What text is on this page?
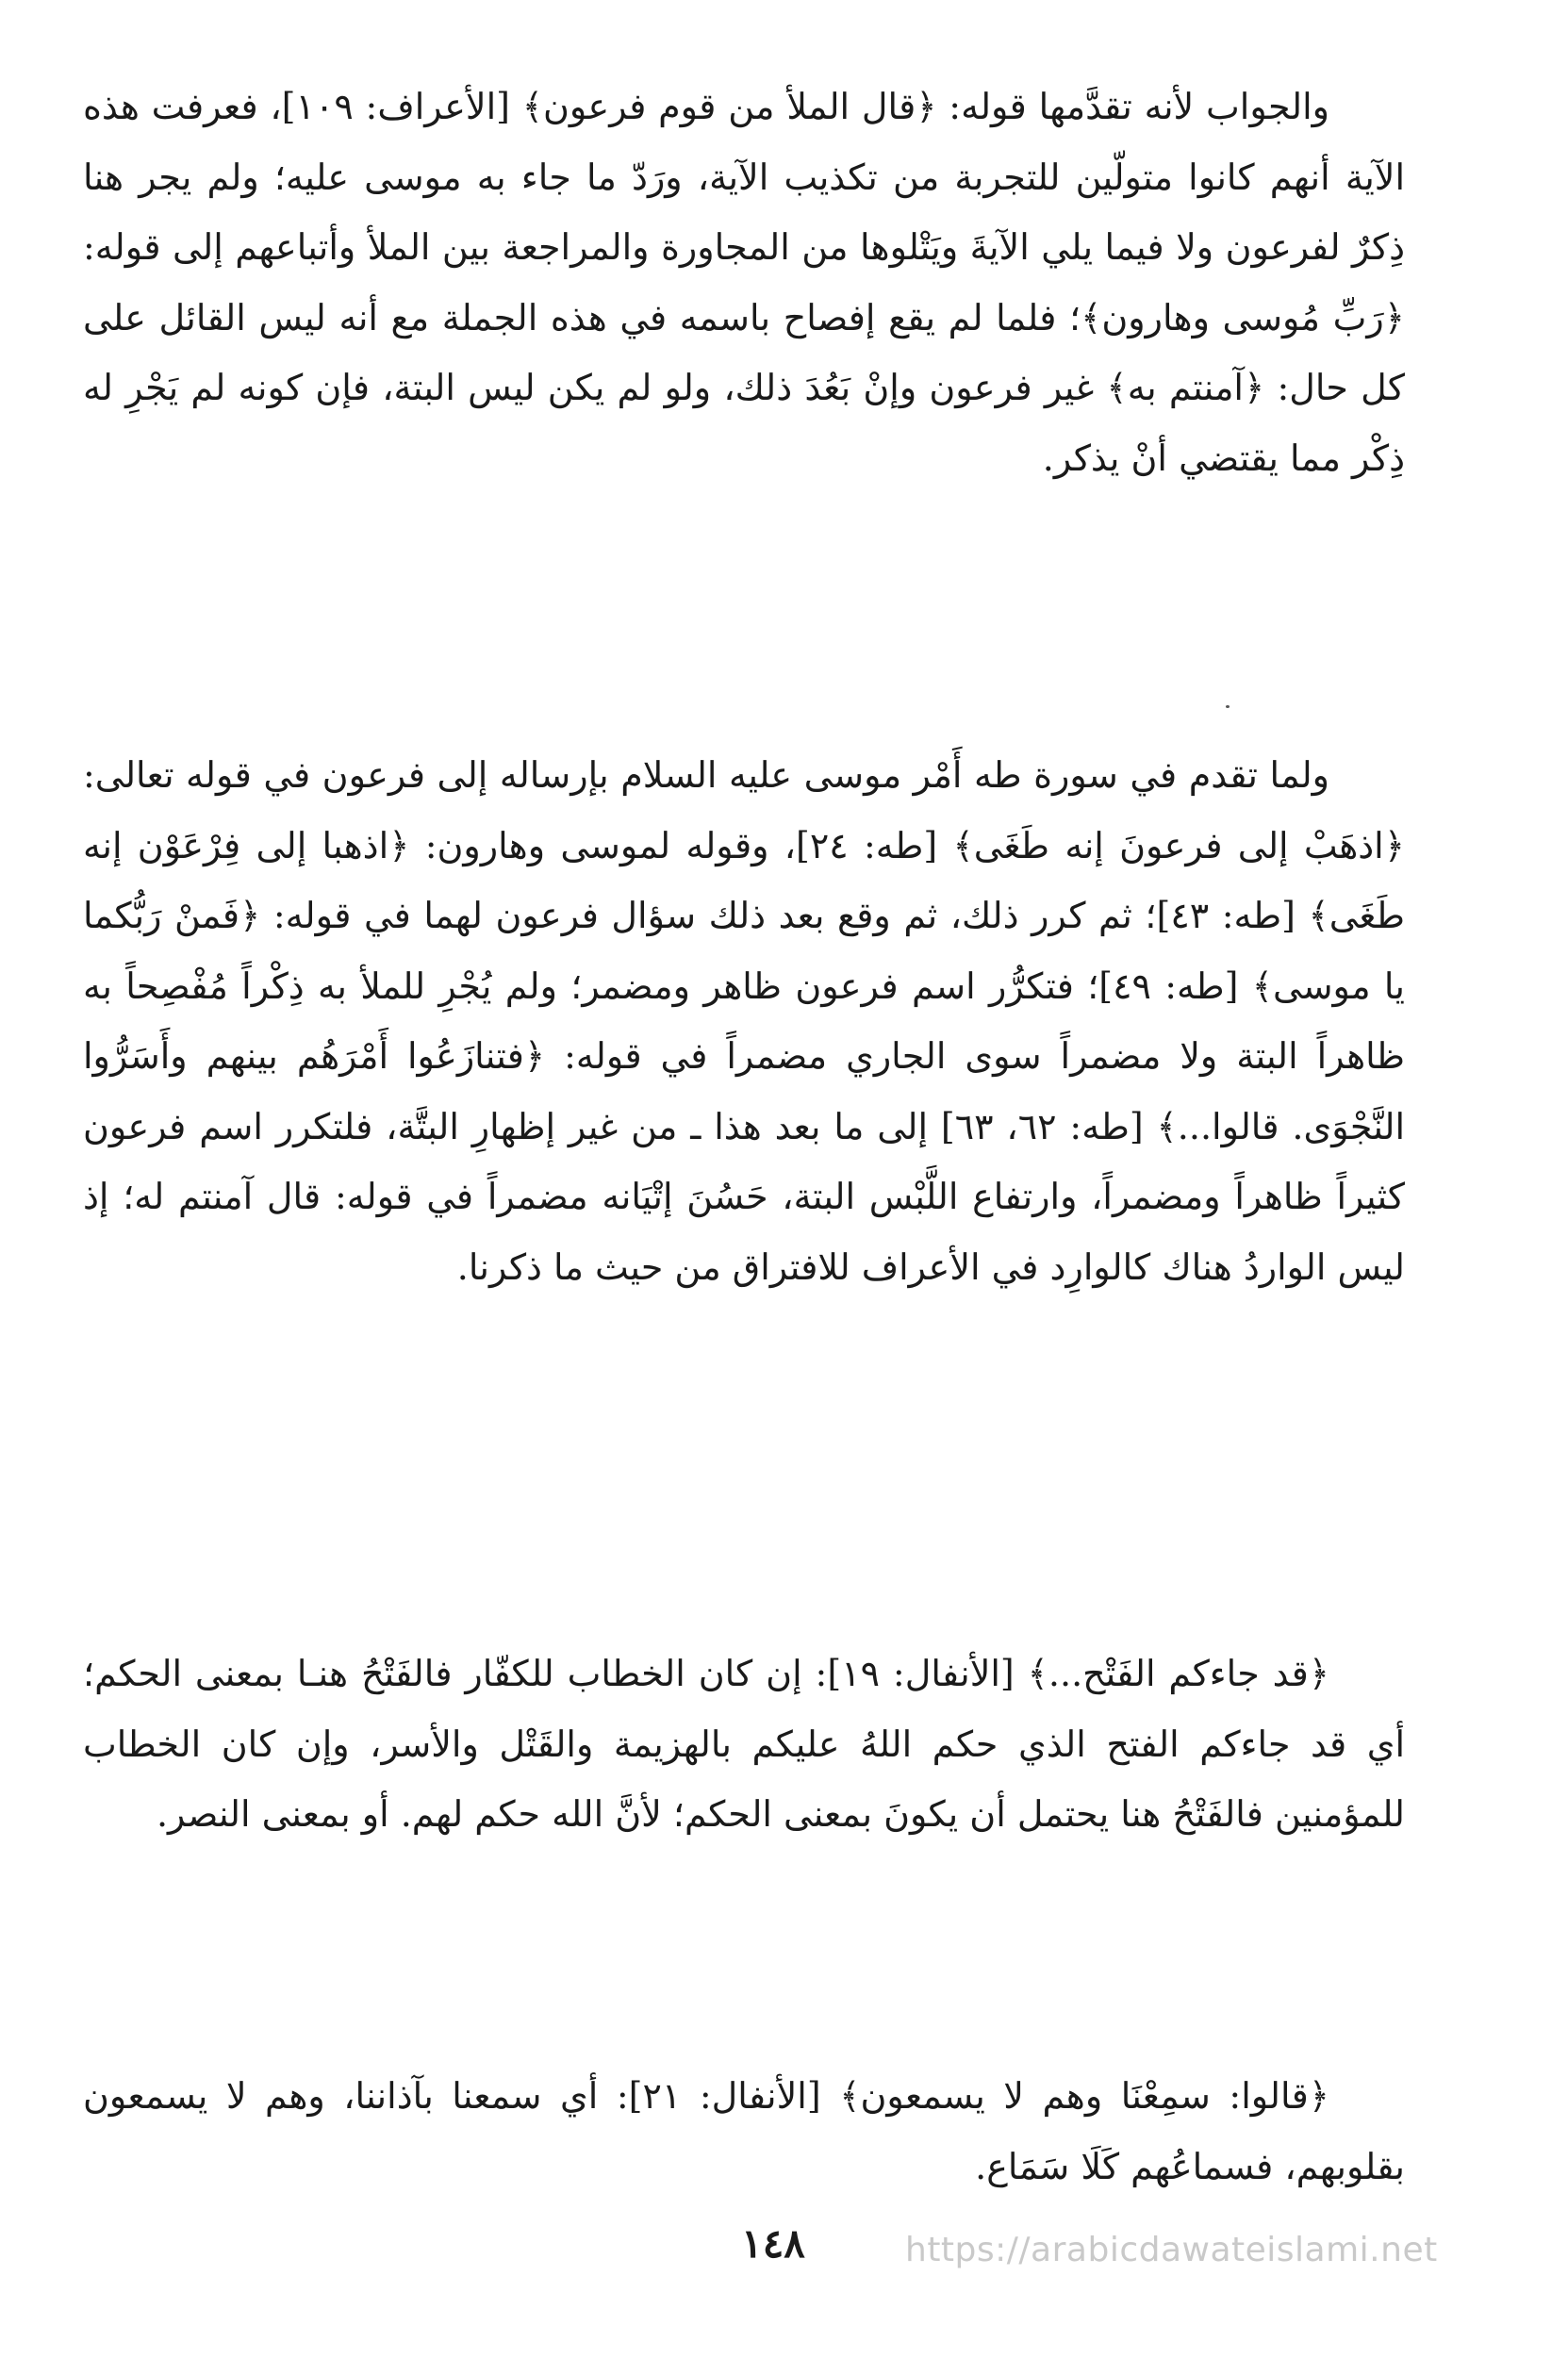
والجواب لأنه تقدَّمها قوله: ﴿قال الملأ من قوم فرعون﴾ [الأعراف: ١٠٩]، فعرفت هذه الآية أنهم كانوا متولّين للتجربة من تكذيب الآية، ورَدّ ما جاء به موسى عليه؛ ولم يجر هنا ذِكرٌ لفرعون ولا فيما يلي الآيةَ ويَتْلوها من المجاورة والمراجعة بين الملأ وأتباعهم إلى قوله: ﴿رَبِّ مُوسى وهارون﴾؛ فلما لم يقع إفصاح باسمه في هذه الجملة مع أنه ليس القائل على كل حال: ﴿آمنتم به﴾ غير فرعون وإنْ بَعُدَ ذلك، ولو لم يكن ليس البتة، فإن كونه لم يَجْرِ له ذِكْر مما يقتضي أنْ يذكر.

ولما تقدم في سورة طه أَمْر موسى عليه السلام بإرساله إلى فرعون في قوله تعالى: ﴿اذهَبْ إلى فرعونَ إنه طَغَى﴾ [طه: ٢٤]، وقوله لموسى وهارون: ﴿اذهبا إلى فِرْعَوْن إنه طَغَى﴾ [طه: ٤٣]؛ ثم كرر ذلك، ثم وقع بعد ذلك سؤال فرعون لهما في قوله: ﴿فَمنْ رَبُّكما يا موسى﴾ [طه: ٤٩]؛ فتكرُّر اسم فرعون ظاهر ومضمر؛ ولم يُجْرِ للملأ به ذِكْراً مُفْصِحاً به ظاهراً البتة ولا مضمراً سوى الجاري مضمراً في قوله: ﴿فتنازَعُوا أَمْرَهُم بينهم وأَسَرُّوا النَّجْوَى. قالوا...﴾ [طه: ٦٢، ٦٣] إلى ما بعد هذا ـ من غير إظهارِ البتَّة، فلتكرر اسم فرعون كثيراً ظاهراً ومضمراً، وارتفاع اللَّبْس البتة، حَسُنَ إتْيَانه مضمراً في قوله: قال آمنتم له؛ إذ ليس الواردُ هناك كالوارِد في الأعراف للافتراق من حيث ما ذكرنا.

﴿قد جاءكم الفَتْح...﴾ [الأنفال: ١٩]: إن كان الخطاب للكفّار فالفَتْحُ هنـا بمعنى الحكم؛ أي قد جاءكم الفتح الذي حكم اللهُ عليكم بالهزيمة والقَتْل والأسر، وإن كان الخطاب للمؤمنين فالفَتْحُ هنا يحتمل أن يكونَ بمعنى الحكم؛ لأنَّ الله حكم لهم. أو بمعنى النصر.

﴿قالوا: سمِعْنَا وهم لا يسمعون﴾ [الأنفال: ٢١]: أي سمعنا بآذاننا، وهم لا يسمعون بقلوبهم، فسماعُهم كَلَا سَمَاع.

١٤٨	https://arabicdawateislami.net
